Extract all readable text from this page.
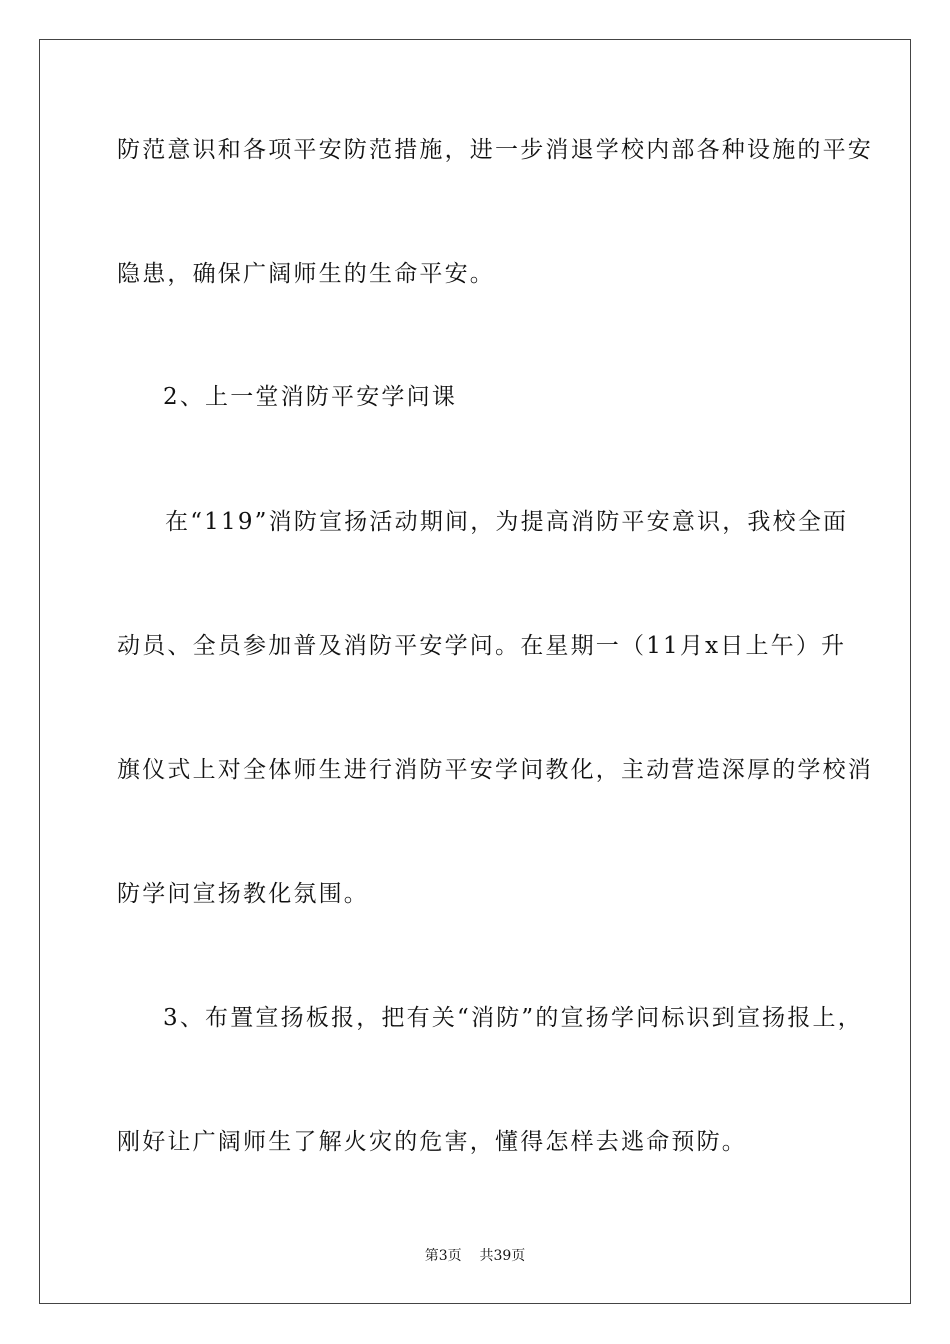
防范意识和各项平安防范措施，进一步消退学校内部各种设施的平安
隐患，确保广阔师生的生命平安。
2、上一堂消防平安学问课
在“119”消防宣扬活动期间，为提高消防平安意识，我校全面
动员、全员参加普及消防平安学问。在星期一（11月x日上午）升
旗仪式上对全体师生进行消防平安学问教化，主动营造深厚的学校消
防学问宣扬教化氛围。
3、布置宣扬板报，把有关“消防”的宣扬学问标识到宣扬报上，
刚好让广阔师生了解火灾的危害，懂得怎样去逃命预防。
第3页    共39页
